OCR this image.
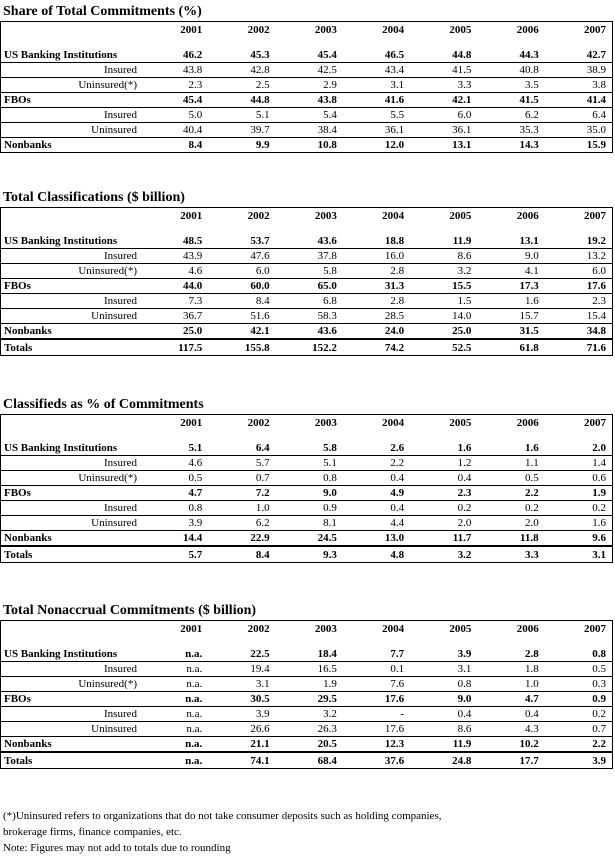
Share of Total Commitments (%)
	2001	2002	2003	2004	2005	2006	2007

US Banking Institutions	46.2	45.3	45.4	46.5	44.8	44.3	42.7
Insured	43.8	42.8	42.5	43.4	41.5	40.8	38.9
Uninsured(*)	2.3	2.5	2.9	3.1	3.3	3.5	3.8
FBOs	45.4	44.8	43.8	41.6	42.1	41.5	41.4
Insured	5.0	5.1	5.4	5.5	6.0	6.2	6.4
Uninsured	40.4	39.7	38.4	36.1	36.1	35.3	35.0
Nonbanks	8.4	9.9	10.8	12.0	13.1	14.3	15.9
Total Classifications ($ billion)
	2001	2002	2003	2004	2005	2006	2007

US Banking Institutions	48.5	53.7	43.6	18.8	11.9	13.1	19.2
Insured	43.9	47.6	37.8	16.0	8.6	9.0	13.2
Uninsured(*)	4.6	6.0	5.8	2.8	3.2	4.1	6.0
FBOs	44.0	60.0	65.0	31.3	15.5	17.3	17.6
Insured	7.3	8.4	6.8	2.8	1.5	1.6	2.3
Uninsured	36.7	51.6	58.3	28.5	14.0	15.7	15.4
Nonbanks	25.0	42.1	43.6	24.0	25.0	31.5	34.8
Totals	117.5	155.8	152.2	74.2	52.5	61.8	71.6
Classifieds as % of Commitments
	2001	2002	2003	2004	2005	2006	2007

US Banking Institutions	5.1	6.4	5.8	2.6	1.6	1.6	2.0
Insured	4.6	5.7	5.1	2.2	1.2	1.1	1.4
Uninsured(*)	0.5	0.7	0.8	0.4	0.4	0.5	0.6
FBOs	4.7	7.2	9.0	4.9	2.3	2.2	1.9
Insured	0.8	1.0	0.9	0.4	0.2	0.2	0.2
Uninsured	3.9	6.2	8.1	4.4	2.0	2.0	1.6
Nonbanks	14.4	22.9	24.5	13.0	11.7	11.8	9.6
Totals	5.7	8.4	9.3	4.8	3.2	3.3	3.1
Total Nonaccrual Commitments ($ billion)
	2001	2002	2003	2004	2005	2006	2007

US Banking Institutions	n.a.	22.5	18.4	7.7	3.9	2.8	0.8
Insured	n.a.	19.4	16.5	0.1	3.1	1.8	0.5
Uninsured(*)	n.a.	3.1	1.9	7.6	0.8	1.0	0.3
FBOs	n.a.	30.5	29.5	17.6	9.0	4.7	0.9
Insured	n.a.	3.9	3.2	-	0.4	0.4	0.2
Uninsured	n.a.	26.6	26.3	17.6	8.6	4.3	0.7
Nonbanks	n.a.	21.1	20.5	12.3	11.9	10.2	2.2
Totals	n.a.	74.1	68.4	37.6	24.8	17.7	3.9
(*)Uninsured refers to organizations that do not take consumer deposits such as holding companies,
brokerage firms, finance companies, etc.
Note: Figures may not add to totals due to rounding
